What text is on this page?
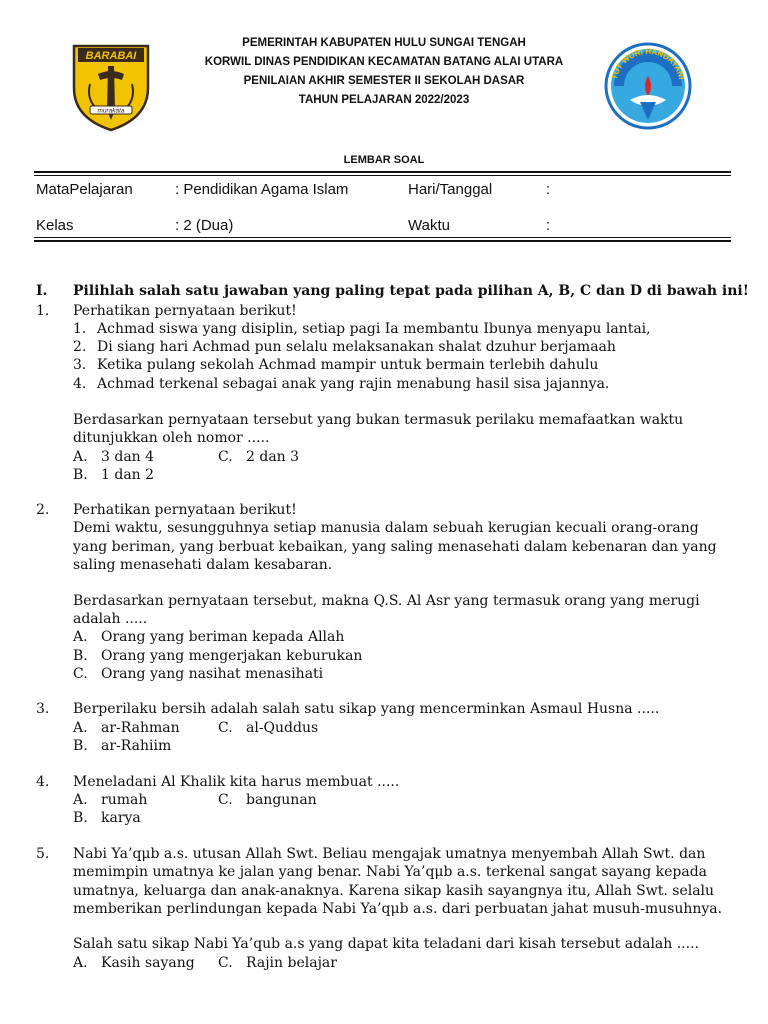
BARABAI
murakata
PEMERINTAH KABUPATEN HULU SUNGAI TENGAH
KORWIL DINAS PENDIDIKAN KECAMATAN BATANG ALAI UTARA
PENILAIAN AKHIR SEMESTER II SEKOLAH DASAR
TAHUN PELAJARAN 2022/2023
TUT WURI HANDAYANI
LEMBAR SOAL
MataPelajaran	: Pendidikan Agama Islam	Hari/Tanggal	:
Kelas	: 2 (Dua)	Waktu	:
I. Pilihlah salah satu jawaban yang paling tepat pada pilihan A, B, C dan D di bawah ini!
1. Perhatikan pernyataan berikut!
1. Achmad siswa yang disiplin, setiap pagi Ia membantu Ibunya menyapu lantai,
2. Di siang hari Achmad pun selalu melaksanakan shalat dzuhur berjamaah
3. Ketika pulang sekolah Achmad mampir untuk bermain terlebih dahulu
4. Achmad terkenal sebagai anak yang rajin menabung hasil sisa jajannya.
Berdasarkan pernyataan tersebut yang bukan termasuk perilaku memafaatkan waktu
ditunjukkan oleh nomor .....
A. 3 dan 4	C. 2 dan 3
B. 1 dan 2
2. Perhatikan pernyataan berikut!
Demi waktu, sesungguhnya setiap manusia dalam sebuah kerugian kecuali orang-orang
yang beriman, yang berbuat kebaikan, yang saling menasehati dalam kebenaran dan yang
saling menasehati dalam kesabaran.
Berdasarkan pernyataan tersebut, makna Q.S. Al Asr yang termasuk orang yang merugi
adalah .....
A. Orang yang beriman kepada Allah
B. Orang yang mengerjakan keburukan
C. Orang yang nasihat menasihati
3. Berperilaku bersih adalah salah satu sikap yang mencerminkan Asmaul Husna .....
A. ar-Rahman	C. al-Quddus
B. ar-Rahiim
4. Meneladani Al Khalik kita harus membuat .....
A. rumah	C. bangunan
B. karya
5. Nabi Ya’qμb a.s. utusan Allah Swt. Beliau mengajak umatnya menyembah Allah Swt. dan
memimpin umatnya ke jalan yang benar. Nabi Ya’qμb a.s. terkenal sangat sayang kepada
umatnya, keluarga dan anak-anaknya. Karena sikap kasih sayangnya itu, Allah Swt. selalu
memberikan perlindungan kepada Nabi Ya’qμb a.s. dari perbuatan jahat musuh-musuhnya.
Salah satu sikap Nabi Ya’qub a.s yang dapat kita teladani dari kisah tersebut adalah .....
A. Kasih sayang C. Rajin belajar
